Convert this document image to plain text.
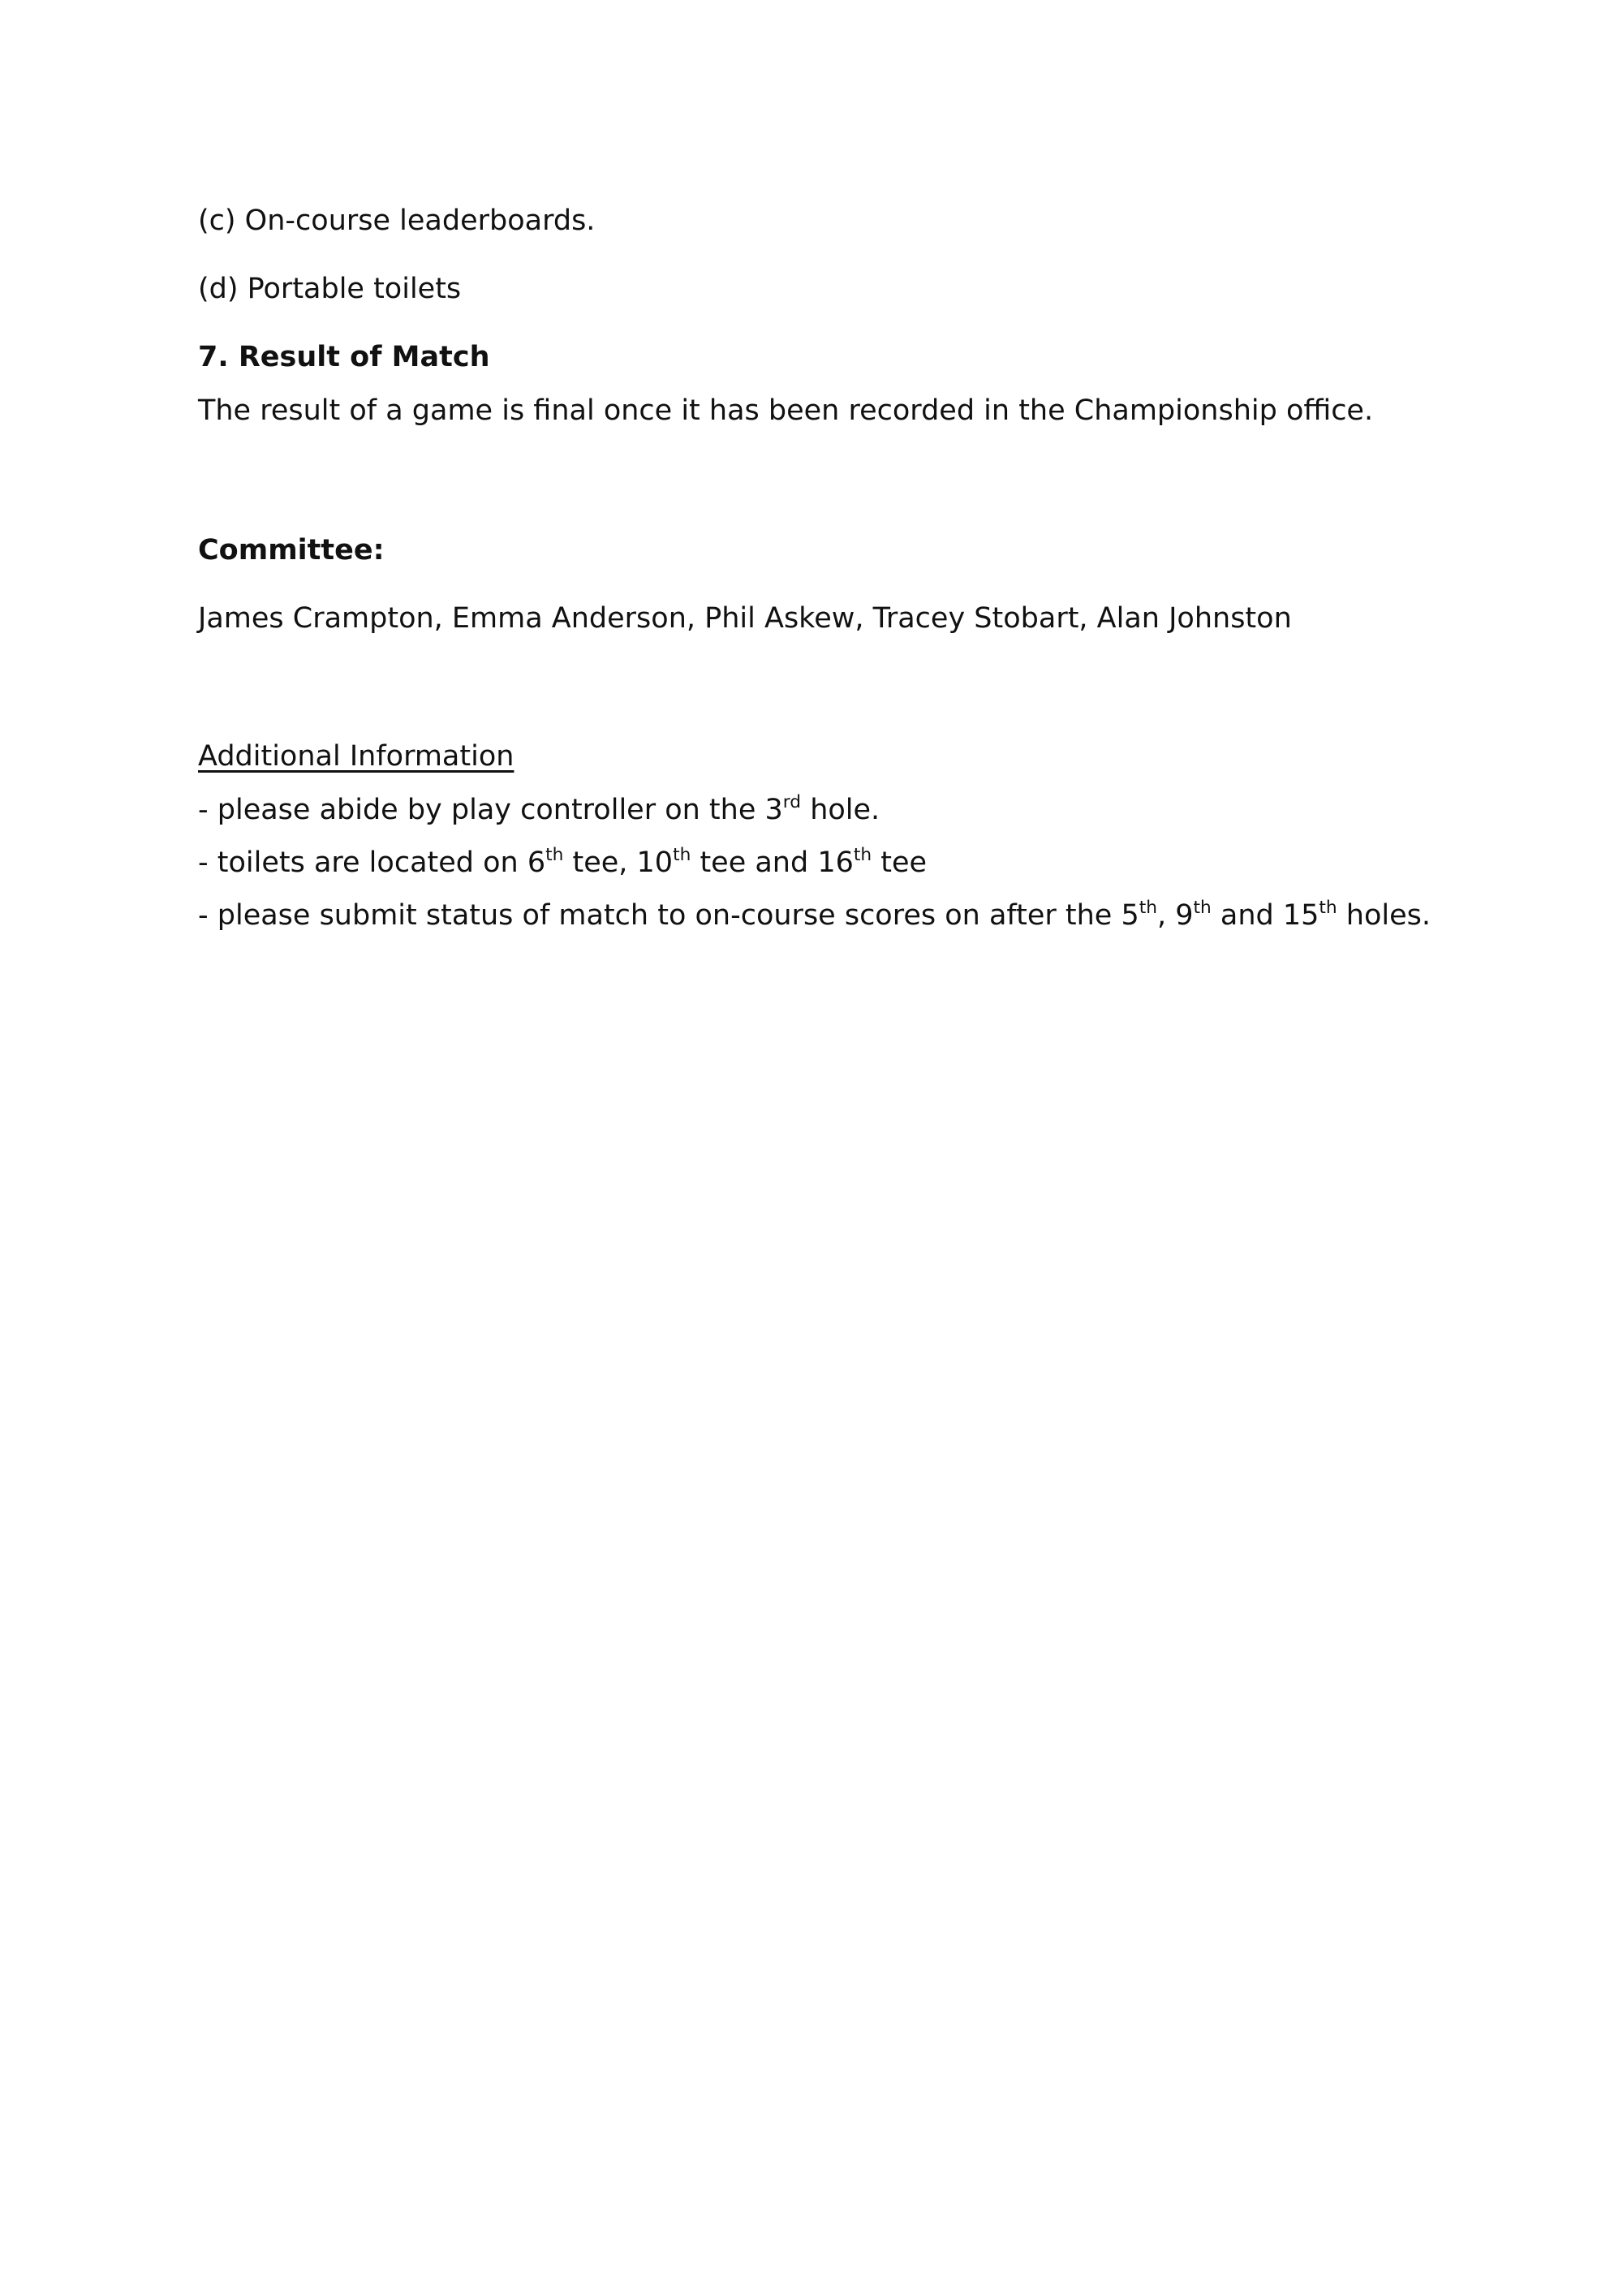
(c) On-course leaderboards.

(d) Portable toilets

7. Result of Match

The result of a game is final once it has been recorded in the Championship office.

Committee:

James Crampton, Emma Anderson, Phil Askew, Tracey Stobart, Alan Johnston

Additional Information

- please abide by play controller on the 3rd hole.

- toilets are located on 6th tee, 10th tee and 16th tee

- please submit status of match to on-course scores on after the 5th, 9th and 15th holes.
